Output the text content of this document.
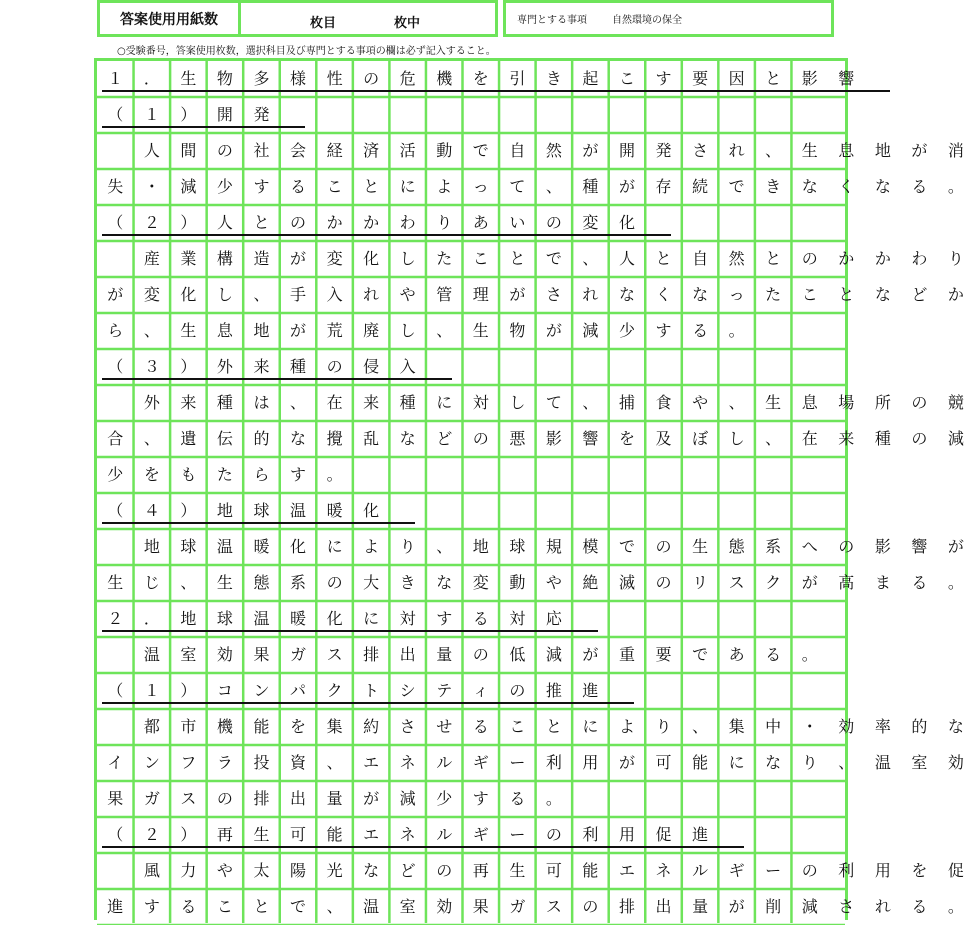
答案使用用紙数	枚目	枚中	専門とする事項	自然環境の保全
○受験番号，答案使用枚数，選択科目及び専門とする事項の欄は必ず記入すること。
１	．	生	物	多	様	性	の	危	機	を	引	き	起	こ	す	要	因	と	影	響
（	１	）	開	発

人	間	の	社	会	経	済	活	動	で	自	然	が	開	発	さ	れ	、	生	息	地	が	消
失	・	減	少	す	る	こ	と	に	よ	っ	て	、	種	が	存	続	で	き	な	く	な	る	。
（	２	）	人	と	の	か	か	わ	り	あ	い	の	変	化

産	業	構	造	が	変	化	し	た	こ	と	で	、	人	と	自	然	と	の	か	か	わ	り
が	変	化	し	、	手	入	れ	や	管	理	が	さ	れ	な	く	な	っ	た	こ	と	な	ど	か
ら	、	生	息	地	が	荒	廃	し	、	生	物	が	減	少	す	る	。
（	３	）	外	来	種	の	侵	入

外	来	種	は	、	在	来	種	に	対	し	て	、	捕	食	や	、	生	息	場	所	の	競
合	、	遺	伝	的	な	攪	乱	な	ど	の	悪	影	響	を	及	ぼ	し	、	在	来	種	の	減
少	を	も	た	ら	す	。
（	４	）	地	球	温	暖	化

地	球	温	暖	化	に	よ	り	、	地	球	規	模	で	の	生	態	系	へ	の	影	響	が
生	じ	、	生	態	系	の	大	き	な	変	動	や	絶	滅	の	リ	ス	ク	が	高	ま	る	。
２	．	地	球	温	暖	化	に	対	す	る	対	応

温	室	効	果	ガ	ス	排	出	量	の	低	減	が	重	要	で	あ	る	。
（	１	）	コ	ン	パ	ク	ト	シ	テ	ィ	の	推	進

都	市	機	能	を	集	約	さ	せ	る	こ	と	に	よ	り	、	集	中	・	効	率	的	な
イ	ン	フ	ラ	投	資	、	エ	ネ	ル	ギ	ー	利	用	が	可	能	に	な	り	、	温	室	効
果	ガ	ス	の	排	出	量	が	減	少	す	る	。
（	２	）	再	生	可	能	エ	ネ	ル	ギ	ー	の	利	用	促	進

風	力	や	太	陽	光	な	ど	の	再	生	可	能	エ	ネ	ル	ギ	ー	の	利	用	を	促
進	す	る	こ	と	で	、	温	室	効	果	ガ	ス	の	排	出	量	が	削	減	さ	れ	る	。
